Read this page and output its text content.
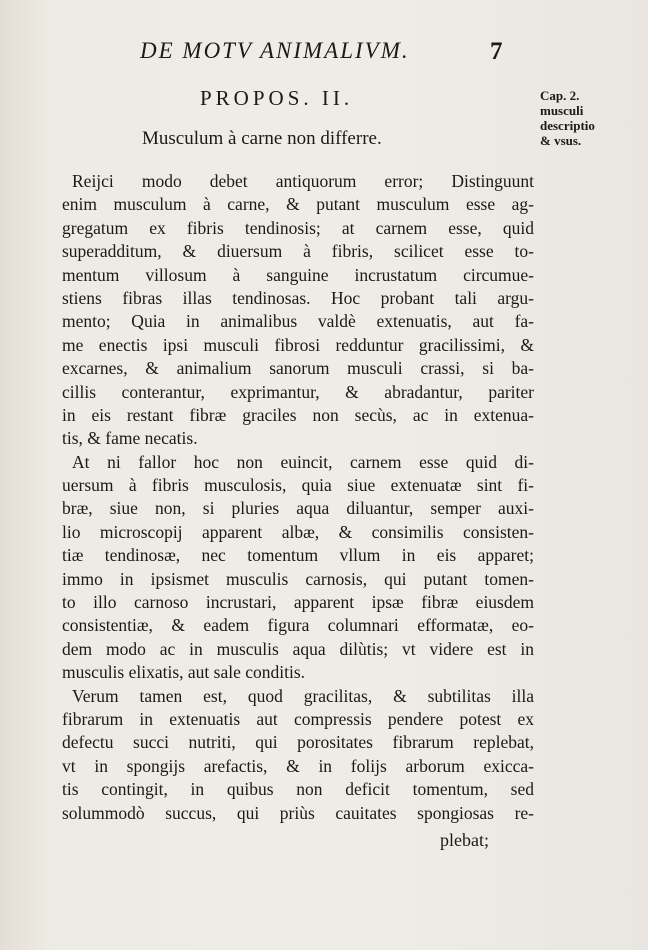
DE MOTV ANIMALIVM.	7
PROPOS. II.
Musculum à carne non differre.
Cap. 2.
musculi
descriptio
& vsus.
Reijci modo debet antiquorum error; Distinguunt
enim musculum à carne, & putant musculum esse ag-
gregatum ex fibris tendinosis; at carnem esse, quid
superadditum, & diuersum à fibris, scilicet esse to-
mentum villosum à sanguine incrustatum circumue-
stiens fibras illas tendinosas. Hoc probant tali argu-
mento; Quia in animalibus valdè extenuatis, aut fa-
me enectis ipsi musculi fibrosi redduntur gracilissimi, &
excarnes, & animalium sanorum musculi crassi, si ba-
cillis conterantur, exprimantur, & abradantur, pariter
in eis restant fibræ graciles non secùs, ac in extenua-
tis, & fame necatis.
At ni fallor hoc non euincit, carnem esse quid di-
uersum à fibris musculosis, quia siue extenuatæ sint fi-
bræ, siue non, si pluries aqua diluantur, semper auxi-
lio microscopij apparent albæ, & consimilis consisten-
tiæ tendinosæ, nec tomentum vllum in eis apparet;
immo in ipsismet musculis carnosis, qui putant tomen-
to illo carnoso incrustari, apparent ipsæ fibræ eiusdem
consistentiæ, & eadem figura columnari efformatæ, eo-
dem modo ac in musculis aqua dilùtis; vt videre est in
musculis elixatis, aut sale conditis.
Verum tamen est, quod gracilitas, & subtilitas illa
fibrarum in extenuatis aut compressis pendere potest ex
defectu succi nutriti, qui porositates fibrarum replebat,
vt in spongijs arefactis, & in folijs arborum exicca-
tis contingit, in quibus non deficit tomentum, sed
solummodò succus, qui priùs cauitates spongiosas re-
plebat;
